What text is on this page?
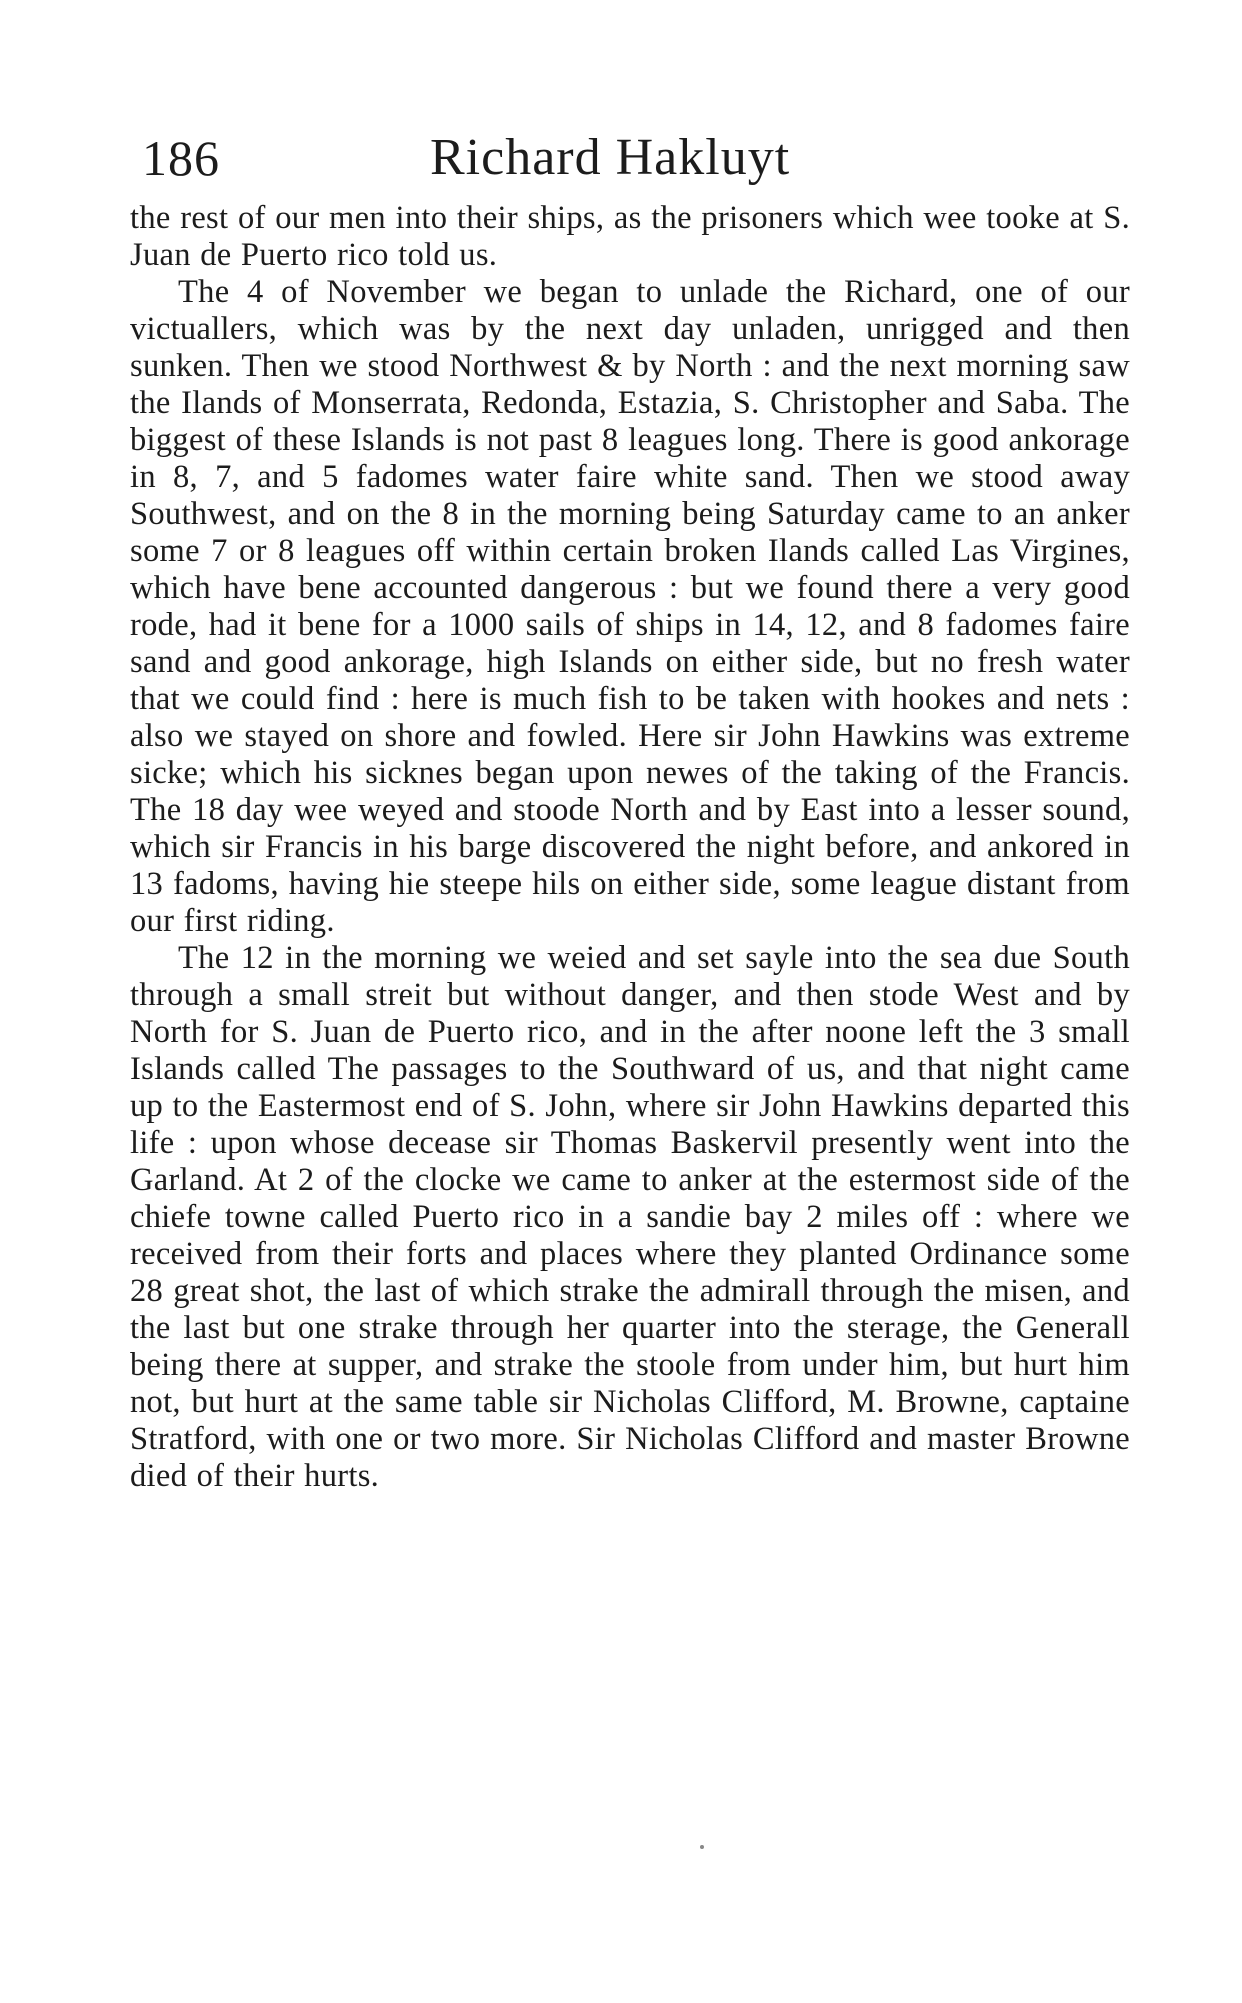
186	Richard Hakluyt

the rest of our men into their ships, as the prisoners which wee tooke at S. Juan de Puerto rico told us.

The 4 of November we began to unlade the Richard, one of our victuallers, which was by the next day unladen, unrigged and then sunken. Then we stood Northwest & by North : and the next morning saw the Ilands of Monserrata, Redonda, Estazia, S. Christopher and Saba. The biggest of these Islands is not past 8 leagues long. There is good ankorage in 8, 7, and 5 fadomes water faire white sand. Then we stood away Southwest, and on the 8 in the morning being Saturday came to an anker some 7 or 8 leagues off within certain broken Ilands called Las Virgines, which have bene accounted dangerous : but we found there a very good rode, had it bene for a 1000 sails of ships in 14, 12, and 8 fadomes faire sand and good ankorage, high Islands on either side, but no fresh water that we could find : here is much fish to be taken with hookes and nets : also we stayed on shore and fowled. Here sir John Hawkins was extreme sicke; which his sicknes began upon newes of the taking of the Francis. The 18 day wee weyed and stoode North and by East into a lesser sound, which sir Francis in his barge discovered the night before, and ankored in 13 fadoms, having hie steepe hils on either side, some league distant from our first riding.

The 12 in the morning we weied and set sayle into the sea due South through a small streit but without danger, and then stode West and by North for S. Juan de Puerto rico, and in the after noone left the 3 small Islands called The passages to the Southward of us, and that night came up to the Eastermost end of S. John, where sir John Hawkins departed this life : upon whose decease sir Thomas Baskervil presently went into the Garland. At 2 of the clocke we came to anker at the estermost side of the chiefe towne called Puerto rico in a sandie bay 2 miles off : where we received from their forts and places where they planted Ordinance some 28 great shot, the last of which strake the admirall through the misen, and the last but one strake through her quarter into the sterage, the Generall being there at supper, and strake the stoole from under him, but hurt him not, but hurt at the same table sir Nicholas Clifford, M. Browne, captaine Stratford, with one or two more. Sir Nicholas Clifford and master Browne died of their hurts.
